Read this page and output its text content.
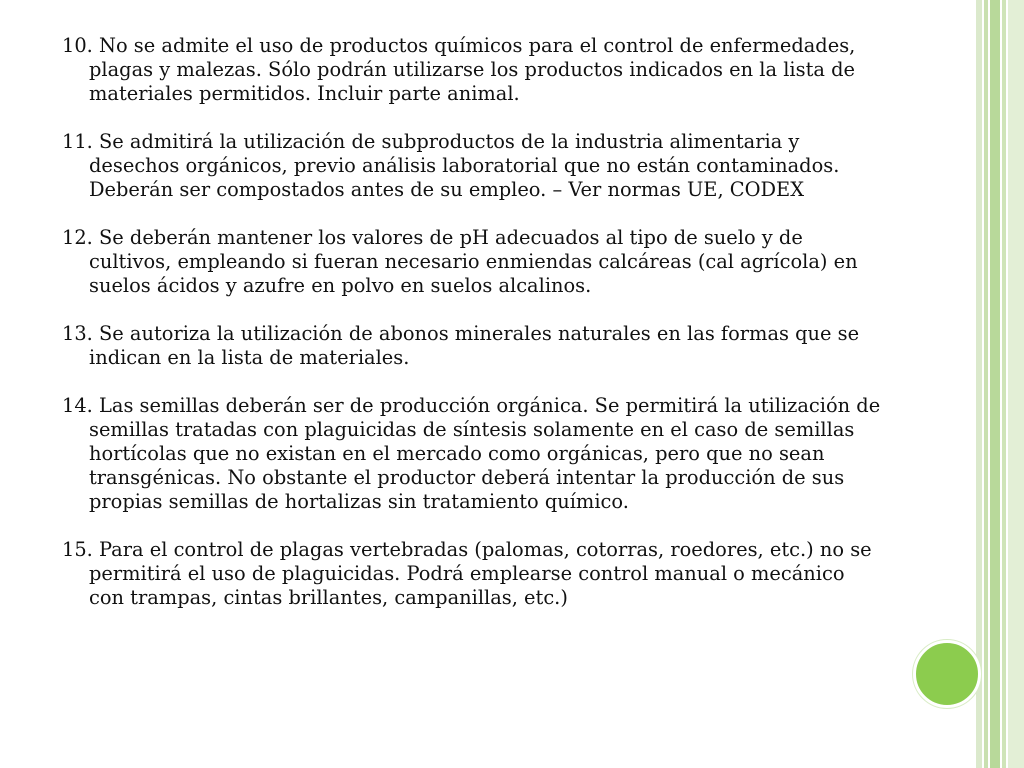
10. No se admite el uso de productos químicos para el control de enfermedades, plagas y malezas. Sólo podrán utilizarse los productos indicados en la lista de materiales permitidos. Incluir parte animal.

11. Se admitirá la utilización de subproductos de la industria alimentaria y desechos orgánicos, previo análisis laboratorial que no están contaminados. Deberán ser compostados antes de su empleo. – Ver normas UE, CODEX

12. Se deberán mantener los valores de pH adecuados al tipo de suelo y de cultivos, empleando si fueran necesario enmiendas calcáreas (cal agrícola) en suelos ácidos y azufre en polvo en suelos alcalinos.

13. Se autoriza la utilización de abonos minerales naturales en las formas que se indican en la lista de materiales.

14. Las semillas deberán ser de producción orgánica. Se permitirá la utilización de semillas tratadas con plaguicidas de síntesis solamente en el caso de semillas hortícolas que no existan en el mercado como orgánicas, pero que no sean transgénicas. No obstante el productor deberá intentar la producción de sus propias semillas de hortalizas sin tratamiento químico.

15. Para el control de plagas vertebradas (palomas, cotorras, roedores, etc.) no se permitirá el uso de plaguicidas. Podrá emplearse control manual o mecánico con trampas, cintas brillantes, campanillas, etc.)
